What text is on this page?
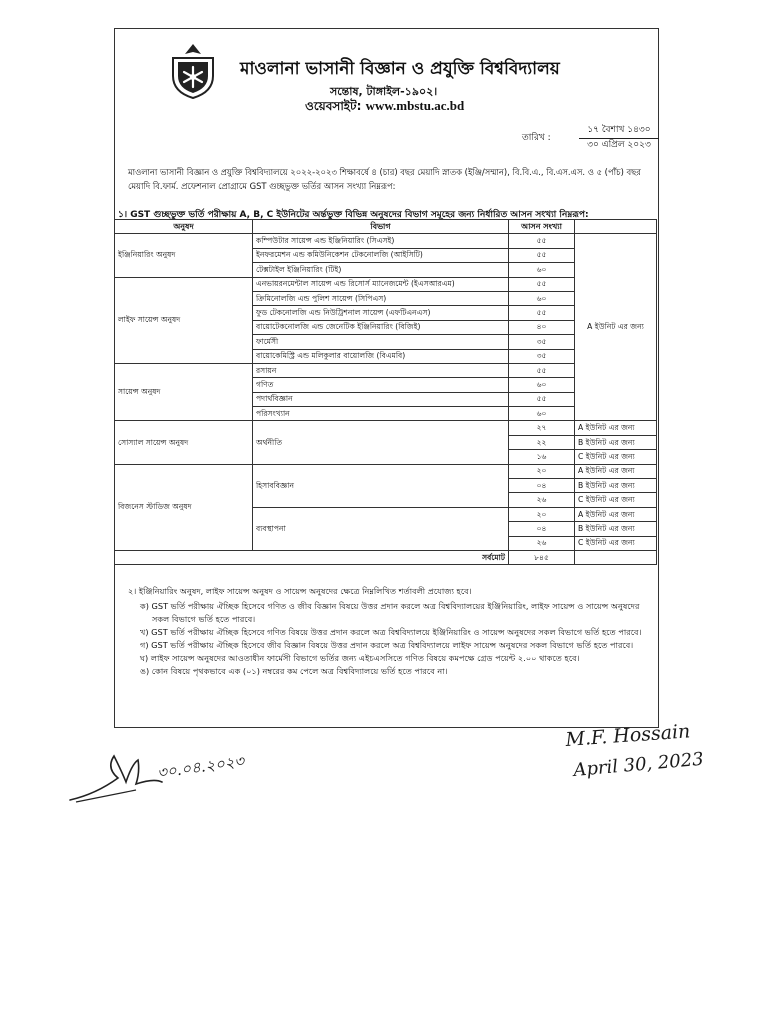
মাওলানা ভাসানী বিজ্ঞান ও প্রযুক্তি বিশ্ববিদ্যালয়
সন্তোষ, টাঙ্গাইল-১৯০২।
ওয়েবসাইট: www.mbstu.ac.bd
তারিখ :
১৭ বৈশাখ ১৪৩০
৩০ এপ্রিল ২০২৩
মাওলানা ভাসানী বিজ্ঞান ও প্রযুক্তি বিশ্ববিদ্যালয়ে ২০২২-২০২৩ শিক্ষাবর্ষে ৪ (চার) বছর মেয়াদি স্নাতক (ইঞ্জি/সম্মান), বি.বি.এ., বি.এস.এস. ও ৫ (পাঁচ) বছর মেয়াদি বি.ফার্ম. প্রফেশনাল প্রোগ্রামে GST গুচ্ছভুক্ত ভর্তির আসন সংখ্যা নিম্নরূপ:
১। GST গুচ্ছভুক্ত ভর্তি পরীক্ষায় A, B, C ইউনিটের অর্ন্তভুক্ত বিভিন্ন অনুষদের বিভাগ সমূহের জন্য নির্ধারিত আসন সংখ্যা নিম্নরূপ:
অনুষদ	বিভাগ	আসন সংখ্যা	
ইঞ্জিনিয়ারিং অনুষদ	কম্পিউটার সায়েন্স এন্ড ইঞ্জিনিয়ারিং (সিএসই)	৫৫	A ইউনিট এর জন্য
	ইনফরমেশন এন্ড কমিউনিকেশন টেকনোলজি (আইসিটি)	৫৫	
	টেক্সটাইল ইঞ্জিনিয়ারিং (টিই)	৬০	
লাইফ সায়েন্স অনুষদ	এনভায়রনমেন্টাল সায়েন্স এন্ড রিসোর্স ম্যানেজমেন্ট (ইএসআরএম)	৫৫	
	ক্রিমিনোলজি এন্ড পুলিশ সায়েন্স (সিপিএস)	৬০	
	ফুড টেকনোলজি এন্ড নিউট্রিশনাল সায়েন্স (এফটিএনএস)	৫৫	
	বায়োটেকনোলজি এন্ড জেনেটিক ইঞ্জিনিয়ারিং (বিজিই)	৪০	
	ফার্মেসী	৩৫	
	বায়োকেমিস্ট্রি এন্ড মলিকুলার বায়োলজি (বিএমবি)	৩৫	
সায়েন্স অনুষদ	রসায়ন	৫৫	
	গণিত	৬০	
	পদার্থবিজ্ঞান	৫৫	
	পরিসংখ্যান	৬০	
সোস্যাল সায়েন্স অনুষদ	অর্থনীতি	২৭	A ইউনিট এর জন্য
		২২	B ইউনিট এর জন্য
		১৬	C ইউনিট এর জন্য
বিজনেস স্টাডিজ অনুষদ	হিসাববিজ্ঞান	২০	A ইউনিট এর জন্য
		০৪	B ইউনিট এর জন্য
		২৬	C ইউনিট এর জন্য
	ব্যবস্থাপনা	২০	A ইউনিট এর জন্য
		০৪	B ইউনিট এর জন্য
		২৬	C ইউনিট এর জন্য
সর্বমোট		৮৪৫	
২। ইঞ্জিনিয়ারিং অনুষদ, লাইফ সায়েন্স অনুষদ ও সায়েন্স অনুষদের ক্ষেত্রে নিম্নলিখিত শর্তাবলী প্রযোজ্য হবে।

ক) GST ভর্তি পরীক্ষায় ঐচ্ছিক হিসেবে গণিত ও জীব বিজ্ঞান বিষয়ে উত্তর প্রদান করলে অত্র বিশ্ববিদ্যালয়ের ইঞ্জিনিয়ারিং, লাইফ সায়েন্স ও সায়েন্স অনুষদের সকল বিভাগে ভর্তি হতে পারবে।

খ) GST ভর্তি পরীক্ষায় ঐচ্ছিক হিসেবে গণিত বিষয়ে উত্তর প্রদান করলে অত্র বিশ্ববিদ্যালয়ে ইঞ্জিনিয়ারিং ও সায়েন্স অনুষদের সকল বিভাগে ভর্তি হতে পারবে।

গ) GST ভর্তি পরীক্ষায় ঐচ্ছিক হিসেবে জীব বিজ্ঞান বিষয়ে উত্তর প্রদান করলে অত্র বিশ্ববিদ্যালয়ে লাইফ সায়েন্স অনুষদের সকল বিভাগে ভর্তি হতে পারবে।

ঘ) লাইফ সায়েন্স অনুষদের আওতাধীন ফার্মেসী বিভাগে ভর্তির জন্য এইচএসসিতে গণিত বিষয়ে কমপক্ষে গ্রেড পয়েন্ট ২.০০ থাকতে হবে।

ঙ) কোন বিষয়ে পৃথকভাবে এক (০১) নম্বরের কম পেলে অত্র বিশ্ববিদ্যালয়ে ভর্তি হতে পারবে না।

৩০.০৪.২০২৩
M.F. Hossain
April 30, 2023
